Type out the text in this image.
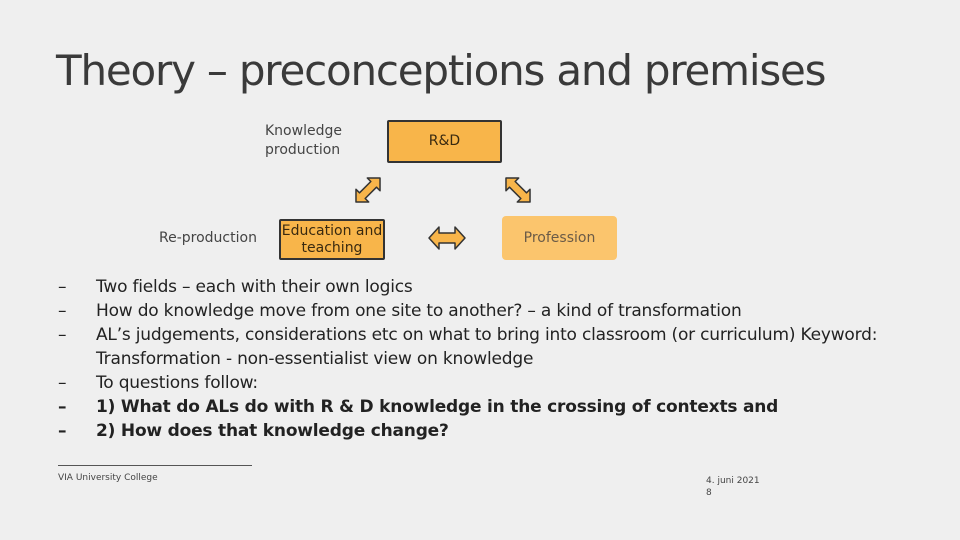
Theory – preconceptions and premises
Knowledge production
Re-production
R&D
Education and teaching
Profession
–	Two fields – each with their own logics
–	How do knowledge move from one site to another? – a kind of transformation
–	AL’s judgements, considerations etc on what to bring into classroom (or curriculum) Keyword: Transformation - non-essentialist view on knowledge
–	To questions follow:
–	1) What do ALs do with R & D knowledge in the crossing of contexts and
–	2) How does that knowledge change?
VIA University College	4. juni 2021
8
